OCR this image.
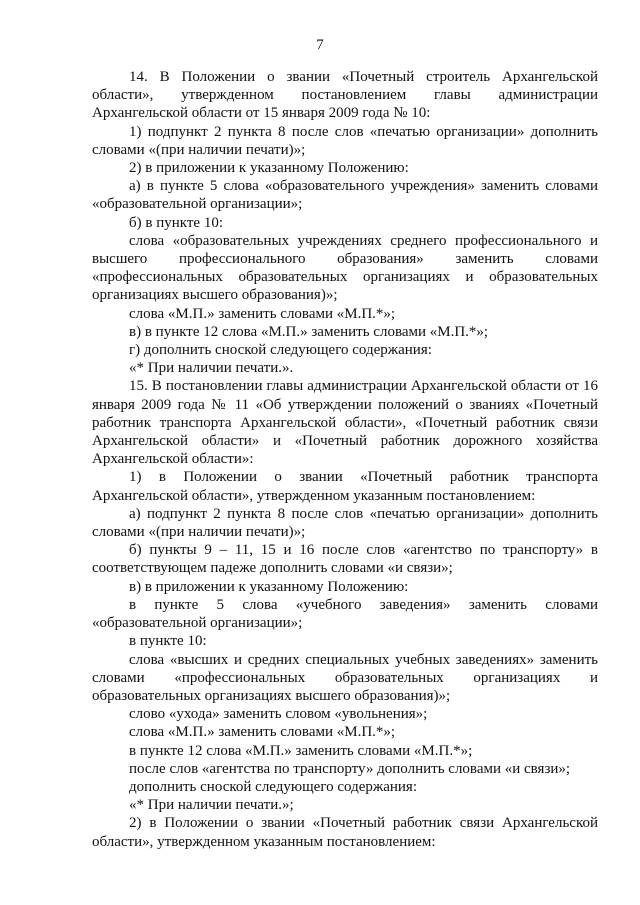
7

14. В Положении о звании «Почетный строитель Архангельской области», утвержденном постановлением главы администрации Архангельской области от 15 января 2009 года № 10:

1) подпункт 2 пункта 8 после слов «печатью организации» дополнить словами «(при наличии печати)»;

2) в приложении к указанному Положению:

а) в пункте 5 слова «образовательного учреждения» заменить словами «образовательной организации»;

б) в пункте 10:

слова «образовательных учреждениях среднего профессионального и высшего профессионального образования» заменить словами «профессиональных образовательных организациях и образовательных организациях высшего образования)»;

слова «М.П.» заменить словами «М.П.*»;

в) в пункте 12 слова «М.П.» заменить словами «М.П.*»;

г) дополнить сноской следующего содержания:

«* При наличии печати.».

15. В постановлении главы администрации Архангельской области от 16 января 2009 года № 11 «Об утверждении положений о званиях «Почетный работник транспорта Архангельской области», «Почетный работник связи Архангельской области» и «Почетный работник дорожного хозяйства Архангельской области»:

1) в Положении о звании «Почетный работник транспорта Архангельской области», утвержденном указанным постановлением:

а) подпункт 2 пункта 8 после слов «печатью организации» дополнить словами «(при наличии печати)»;

б) пункты 9 – 11, 15 и 16 после слов «агентство по транспорту» в соответствующем падеже дополнить словами «и связи»;

в) в приложении к указанному Положению:

в пункте 5 слова «учебного заведения» заменить словами «образовательной организации»;

в пункте 10:

слова «высших и средних специальных учебных заведениях» заменить словами «профессиональных образовательных организациях и образовательных организациях высшего образования)»;

слово «ухода» заменить словом «увольнения»;

слова «М.П.» заменить словами «М.П.*»;

в пункте 12 слова «М.П.» заменить словами «М.П.*»;

после слов «агентства по транспорту» дополнить словами «и связи»;

дополнить сноской следующего содержания:

«* При наличии печати.»;

2) в Положении о звании «Почетный работник связи Архангельской области», утвержденном указанным постановлением:
